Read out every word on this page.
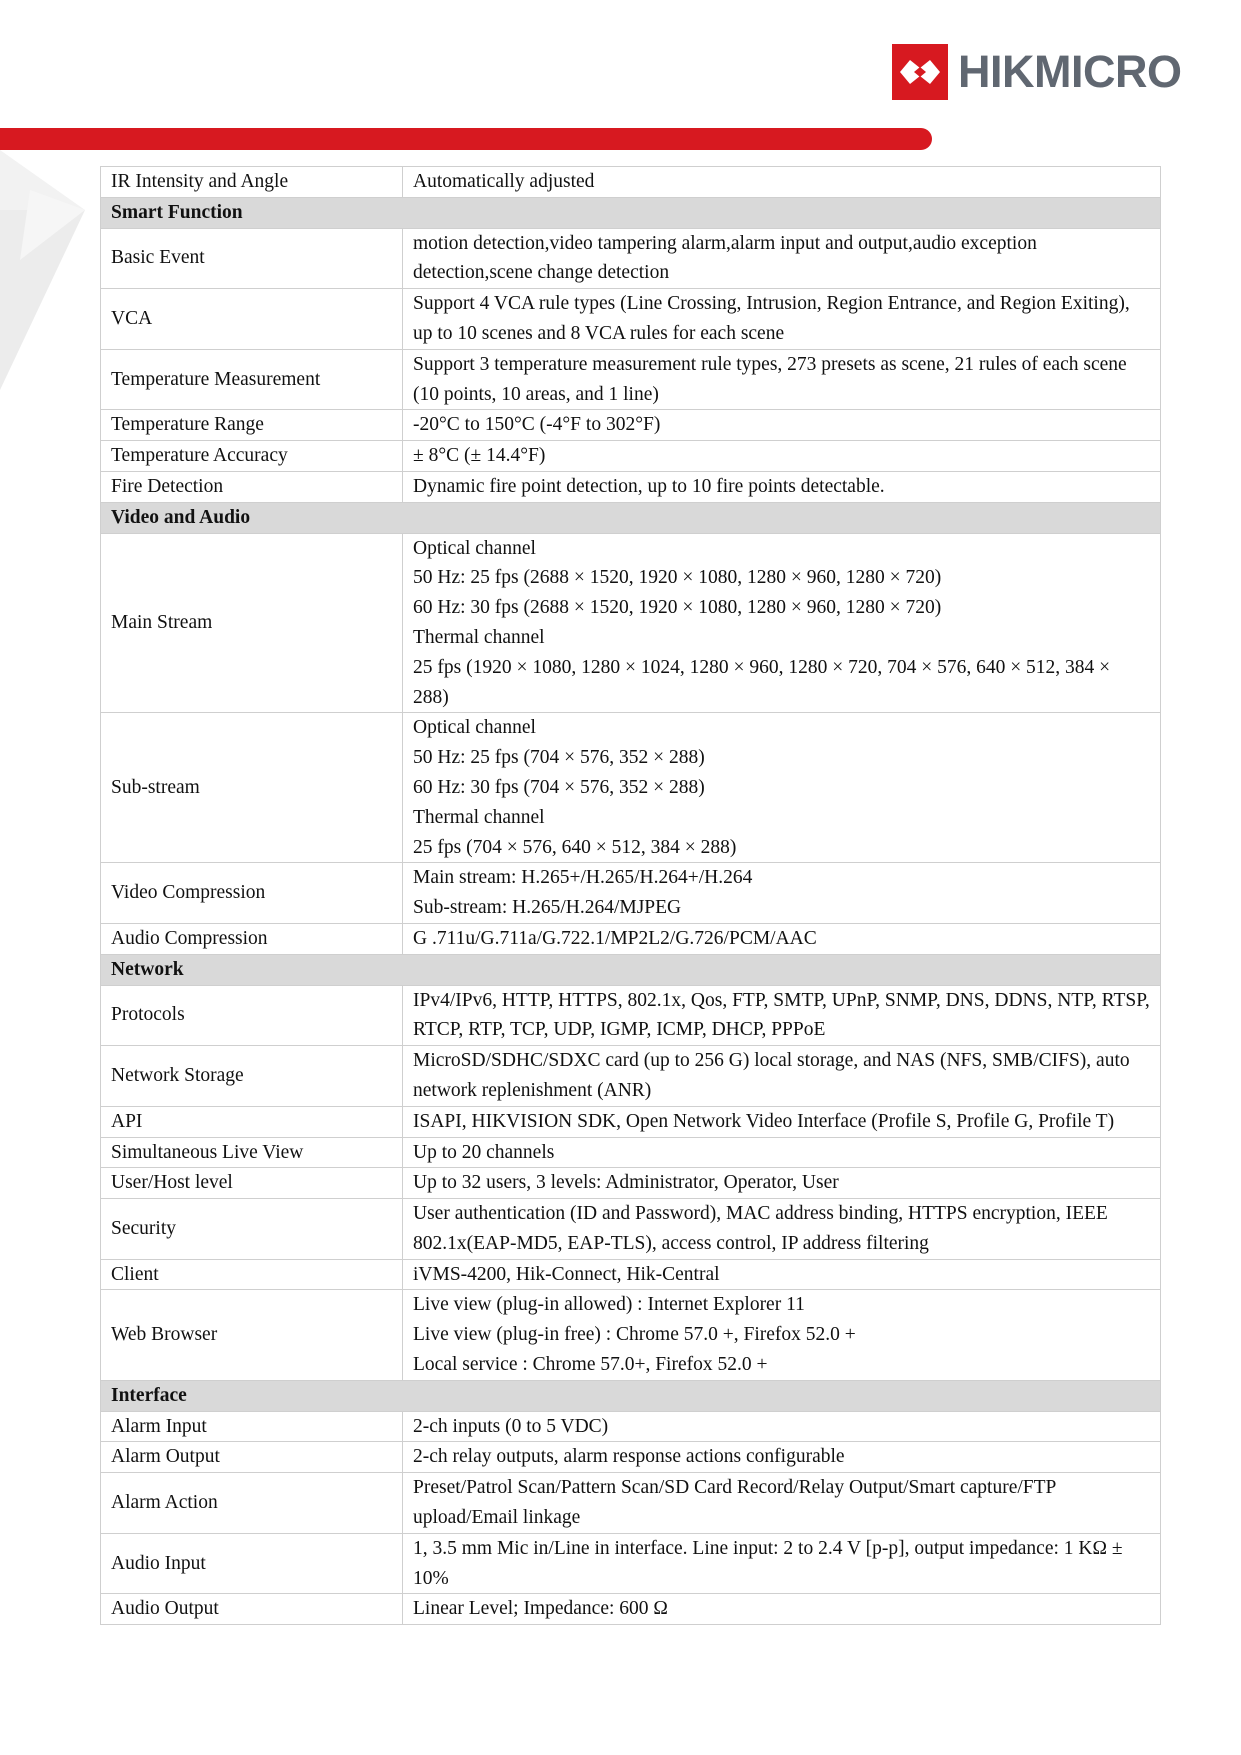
HIKMICRO
IR Intensity and Angle	Automatically adjusted

Smart Function	
Basic Event	motion detection,video tampering alarm,alarm input and output,audio exception detection,scene change detection

VCA	Support 4 VCA rule types (Line Crossing, Intrusion, Region Entrance, and Region Exiting), up to 10 scenes and 8 VCA rules for each scene

Temperature Measurement	Support 3 temperature measurement rule types, 273 presets as scene, 21 rules of each scene (10 points, 10 areas, and 1 line)

Temperature Range	-20°C to 150°C (-4°F to 302°F)

Temperature Accuracy	± 8°C (± 14.4°F)

Fire Detection	Dynamic fire point detection, up to 10 fire points detectable.

Video and Audio	
Main Stream	Optical channel
50 Hz: 25 fps (2688 × 1520, 1920 × 1080, 1280 × 960, 1280 × 720)
60 Hz: 30 fps (2688 × 1520, 1920 × 1080, 1280 × 960, 1280 × 720)
Thermal channel
25 fps (1920 × 1080, 1280 × 1024, 1280 × 960, 1280 × 720, 704 × 576, 640 × 512, 384 × 288)

Sub-stream	Optical channel
50 Hz: 25 fps (704 × 576, 352 × 288)
60 Hz: 30 fps (704 × 576, 352 × 288)
Thermal channel
25 fps (704 × 576, 640 × 512, 384 × 288)

Video Compression	Main stream: H.265+/H.265/H.264+/H.264
Sub-stream: H.265/H.264/MJPEG

Audio Compression	G .711u/G.711a/G.722.1/MP2L2/G.726/PCM/AAC

Network	
Protocols	IPv4/IPv6, HTTP, HTTPS, 802.1x, Qos, FTP, SMTP, UPnP, SNMP, DNS, DDNS, NTP, RTSP, RTCP, RTP, TCP, UDP, IGMP, ICMP, DHCP, PPPoE

Network Storage	MicroSD/SDHC/SDXC card (up to 256 G) local storage, and NAS (NFS, SMB/CIFS), auto network replenishment (ANR)

API	ISAPI, HIKVISION SDK, Open Network Video Interface (Profile S, Profile G, Profile T)

Simultaneous Live View	Up to 20 channels

User/Host level	Up to 32 users, 3 levels: Administrator, Operator, User

Security	User authentication (ID and Password), MAC address binding, HTTPS encryption, IEEE 802.1x(EAP-MD5, EAP-TLS), access control, IP address filtering

Client	iVMS-4200, Hik-Connect, Hik-Central

Web Browser	Live view (plug-in allowed) : Internet Explorer 11
Live view (plug-in free) : Chrome 57.0 +, Firefox 52.0 +
Local service : Chrome 57.0+, Firefox 52.0 +

Interface	
Alarm Input	2-ch inputs (0 to 5 VDC)

Alarm Output	2-ch relay outputs, alarm response actions configurable

Alarm Action	Preset/Patrol Scan/Pattern Scan/SD Card Record/Relay Output/Smart capture/FTP upload/Email linkage

Audio Input	1, 3.5 mm Mic in/Line in interface. Line input: 2 to 2.4 V [p-p], output impedance: 1 KΩ ± 10%

Audio Output	Linear Level; Impedance: 600 Ω
